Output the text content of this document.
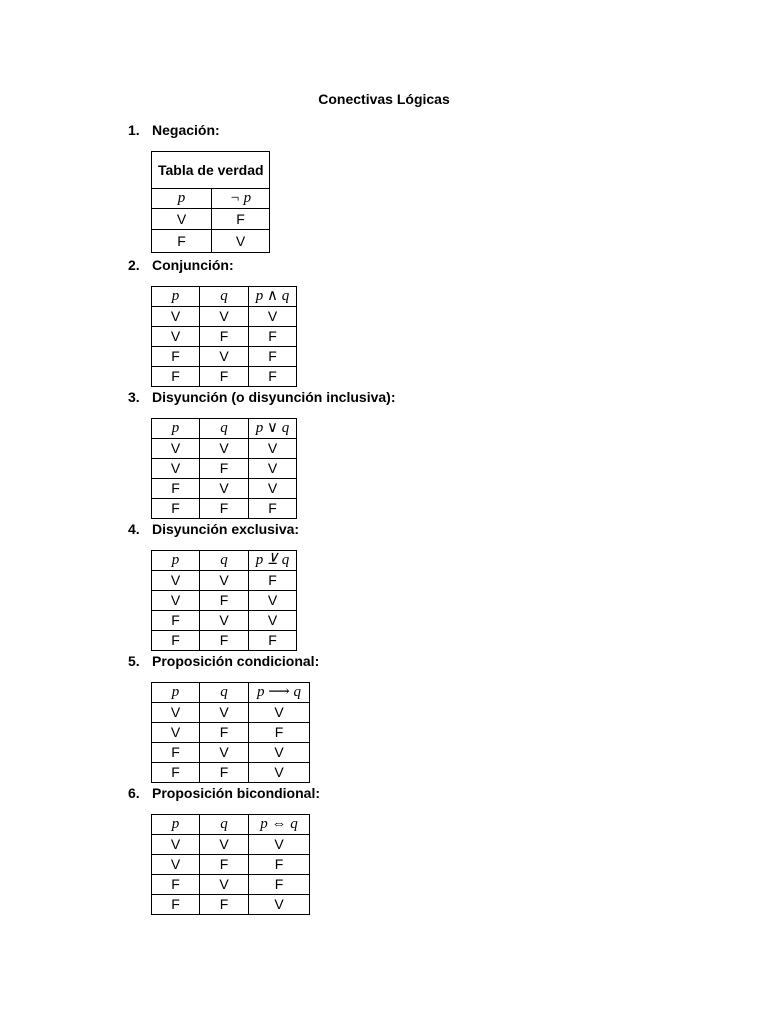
Conectivas Lógicas
1. Negación:
Tabla de verdad	
p	¬ p
V	F
F	V
2. Conjunción:
p	q	p ∧ q
V	V	V
V	F	F
F	V	F
F	F	F
3. Disyunción (o disyunción inclusiva):
p	q	p ∨ q
V	V	V
V	F	V
F	V	V
F	F	F
4. Disyunción exclusiva:
p	q	p ⊻ q
V	V	F
V	F	V
F	V	V
F	F	F
5. Proposición condicional:
p	q	p ⟶ q
V	V	V
V	F	F
F	V	V
F	F	V
6. Proposición bicondional:
p	q	p ⇔ q
V	V	V
V	F	F
F	V	F
F	F	V
